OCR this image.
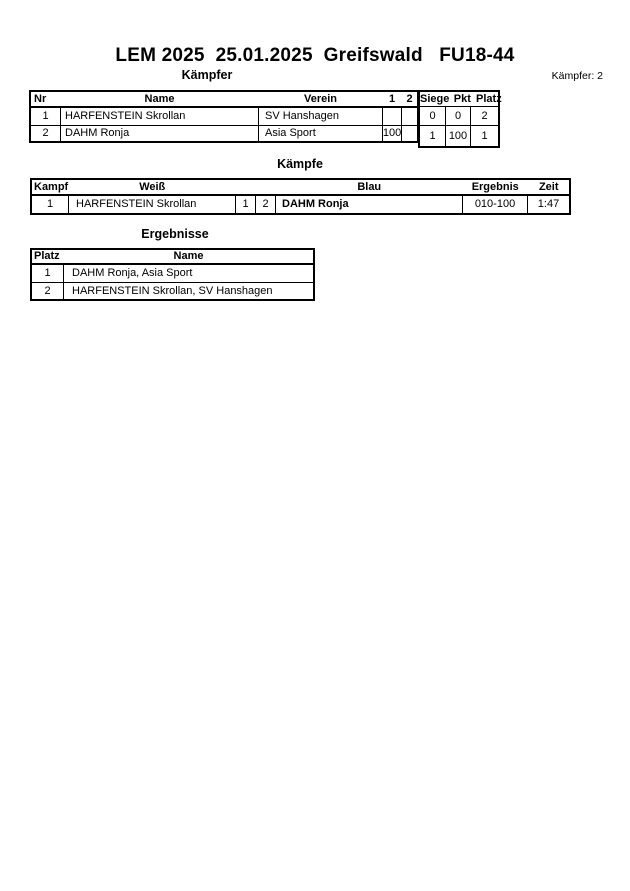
LEM 2025  25.01.2025  Greifswald   FU18-44
Kämpfer	Kämpfer: 2
Nr	Name	Verein	1	2
1	HARFENSTEIN Skrollan	SV Hanshagen
2	DAHM Ronja	Asia Sport	100
Siege Pkt Platz
0	0	2
1	100	1
Kämpfe
Kampf	Weiß	Blau	Ergebnis	Zeit
1	HARFENSTEIN Skrollan	1	2	DAHM Ronja	010-100	1:47
Ergebnisse
Platz	Name
1	DAHM Ronja, Asia Sport
2	HARFENSTEIN Skrollan, SV Hanshagen
